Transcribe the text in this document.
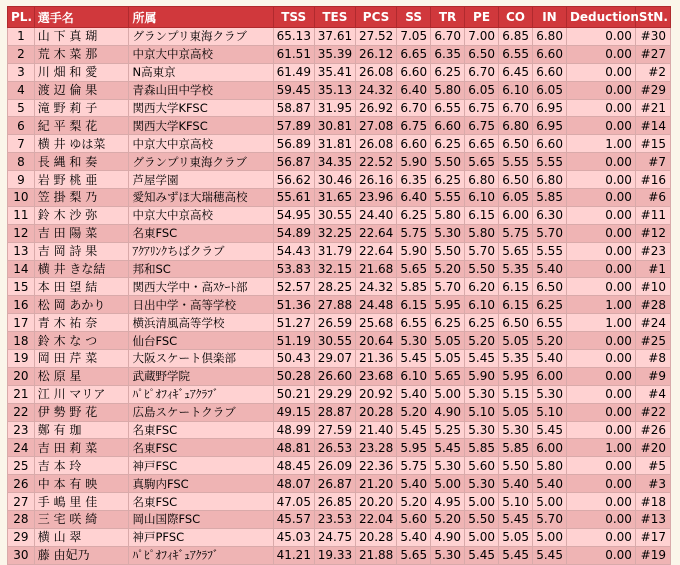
PL.	選手名	所属	TSS	TES	PCS	SS	TR	PE	CO	IN	Deduction	StN.
1	山 下 真 瑚	グランプリ東海クラブ	65.13	37.61	27.52	7.05	6.70	7.00	6.85	6.80	0.00	#30
2	荒 木 菜 那	中京大中京高校	61.51	35.39	26.12	6.65	6.35	6.50	6.55	6.60	0.00	#27
3	川 畑 和 愛	N高東京	61.49	35.41	26.08	6.60	6.25	6.70	6.45	6.60	0.00	#2
4	渡 辺 倫 果	青森山田中学校	59.45	35.13	24.32	6.40	5.80	6.05	6.10	6.05	0.00	#29
5	滝 野 莉 子	関西大学KFSC	58.87	31.95	26.92	6.70	6.55	6.75	6.70	6.95	0.00	#21
6	紀 平 梨 花	関西大学KFSC	57.89	30.81	27.08	6.75	6.60	6.75	6.80	6.95	0.00	#14
7	横 井 ゆは菜	中京大中京高校	56.89	31.81	26.08	6.60	6.25	6.65	6.50	6.60	1.00	#15
8	長 縄 和 奏	グランプリ東海クラブ	56.87	34.35	22.52	5.90	5.50	5.65	5.55	5.55	0.00	#7
9	岩 野 桃 亜	芦屋学園	56.62	30.46	26.16	6.35	6.25	6.80	6.50	6.80	0.00	#16
10	笠 掛 梨 乃	愛知みずほ大瑞穂高校	55.61	31.65	23.96	6.40	5.55	6.10	6.05	5.85	0.00	#6
11	鈴 木 沙 弥	中京大中京高校	54.95	30.55	24.40	6.25	5.80	6.15	6.00	6.30	0.00	#11
12	吉 田 陽 菜	名東FSC	54.89	32.25	22.64	5.75	5.30	5.80	5.75	5.70	0.00	#12
13	吉 岡 詩 果	ｱｸｱﾘﾝｸちばクラブ	54.43	31.79	22.64	5.90	5.50	5.70	5.65	5.55	0.00	#23
14	横 井 きな結	邦和SC	53.83	32.15	21.68	5.65	5.20	5.50	5.35	5.40	0.00	#1
15	本 田 望 結	関西大学中・高ｽｹｰﾄ部	52.57	28.25	24.32	5.85	5.70	6.20	6.15	6.50	0.00	#10
16	松 岡 あかり	日出中学・高等学校	51.36	27.88	24.48	6.15	5.95	6.10	6.15	6.25	1.00	#28
17	青 木 祐 奈	横浜清風高等学校	51.27	26.59	25.68	6.55	6.25	6.25	6.50	6.55	1.00	#24
18	鈴 木 な つ	仙台FSC	51.19	30.55	20.64	5.30	5.05	5.20	5.05	5.20	0.00	#25
19	岡 田 芹 菜	大阪スケート倶楽部	50.43	29.07	21.36	5.45	5.05	5.45	5.35	5.40	0.00	#8
20	松 原 星	武蔵野学院	50.28	26.60	23.68	6.10	5.65	5.90	5.95	6.00	0.00	#9
21	江 川 マリア	ﾊﾟﾋﾟｵﾌｨｷﾞｭｱｸﾗﾌﾞ	50.21	29.29	20.92	5.40	5.00	5.30	5.15	5.30	0.00	#4
22	伊 勢 野 花	広島スケートクラブ	49.15	28.87	20.28	5.20	4.90	5.10	5.05	5.10	0.00	#22
23	鄭 有 珈	名東FSC	48.99	27.59	21.40	5.45	5.25	5.30	5.30	5.45	0.00	#26
24	吉 田 莉 菜	名東FSC	48.81	26.53	23.28	5.95	5.45	5.85	5.85	6.00	1.00	#20
25	吉 本 玲	神戸FSC	48.45	26.09	22.36	5.75	5.30	5.60	5.50	5.80	0.00	#5
26	中 本 有 映	真駒内FSC	48.07	26.87	21.20	5.40	5.00	5.30	5.40	5.40	0.00	#3
27	手 嶋 里 佳	名東FSC	47.05	26.85	20.20	5.20	4.95	5.00	5.10	5.00	0.00	#18
28	三 宅 咲 綺	岡山国際FSC	45.57	23.53	22.04	5.60	5.20	5.50	5.45	5.70	0.00	#13
29	横 山 翠	神戸PFSC	45.03	24.75	20.28	5.40	4.90	5.00	5.05	5.00	0.00	#17
30	藤 由妃乃	ﾊﾟﾋﾟｵﾌｨｷﾞｭｱｸﾗﾌﾞ	41.21	19.33	21.88	5.65	5.30	5.45	5.45	5.45	0.00	#19
